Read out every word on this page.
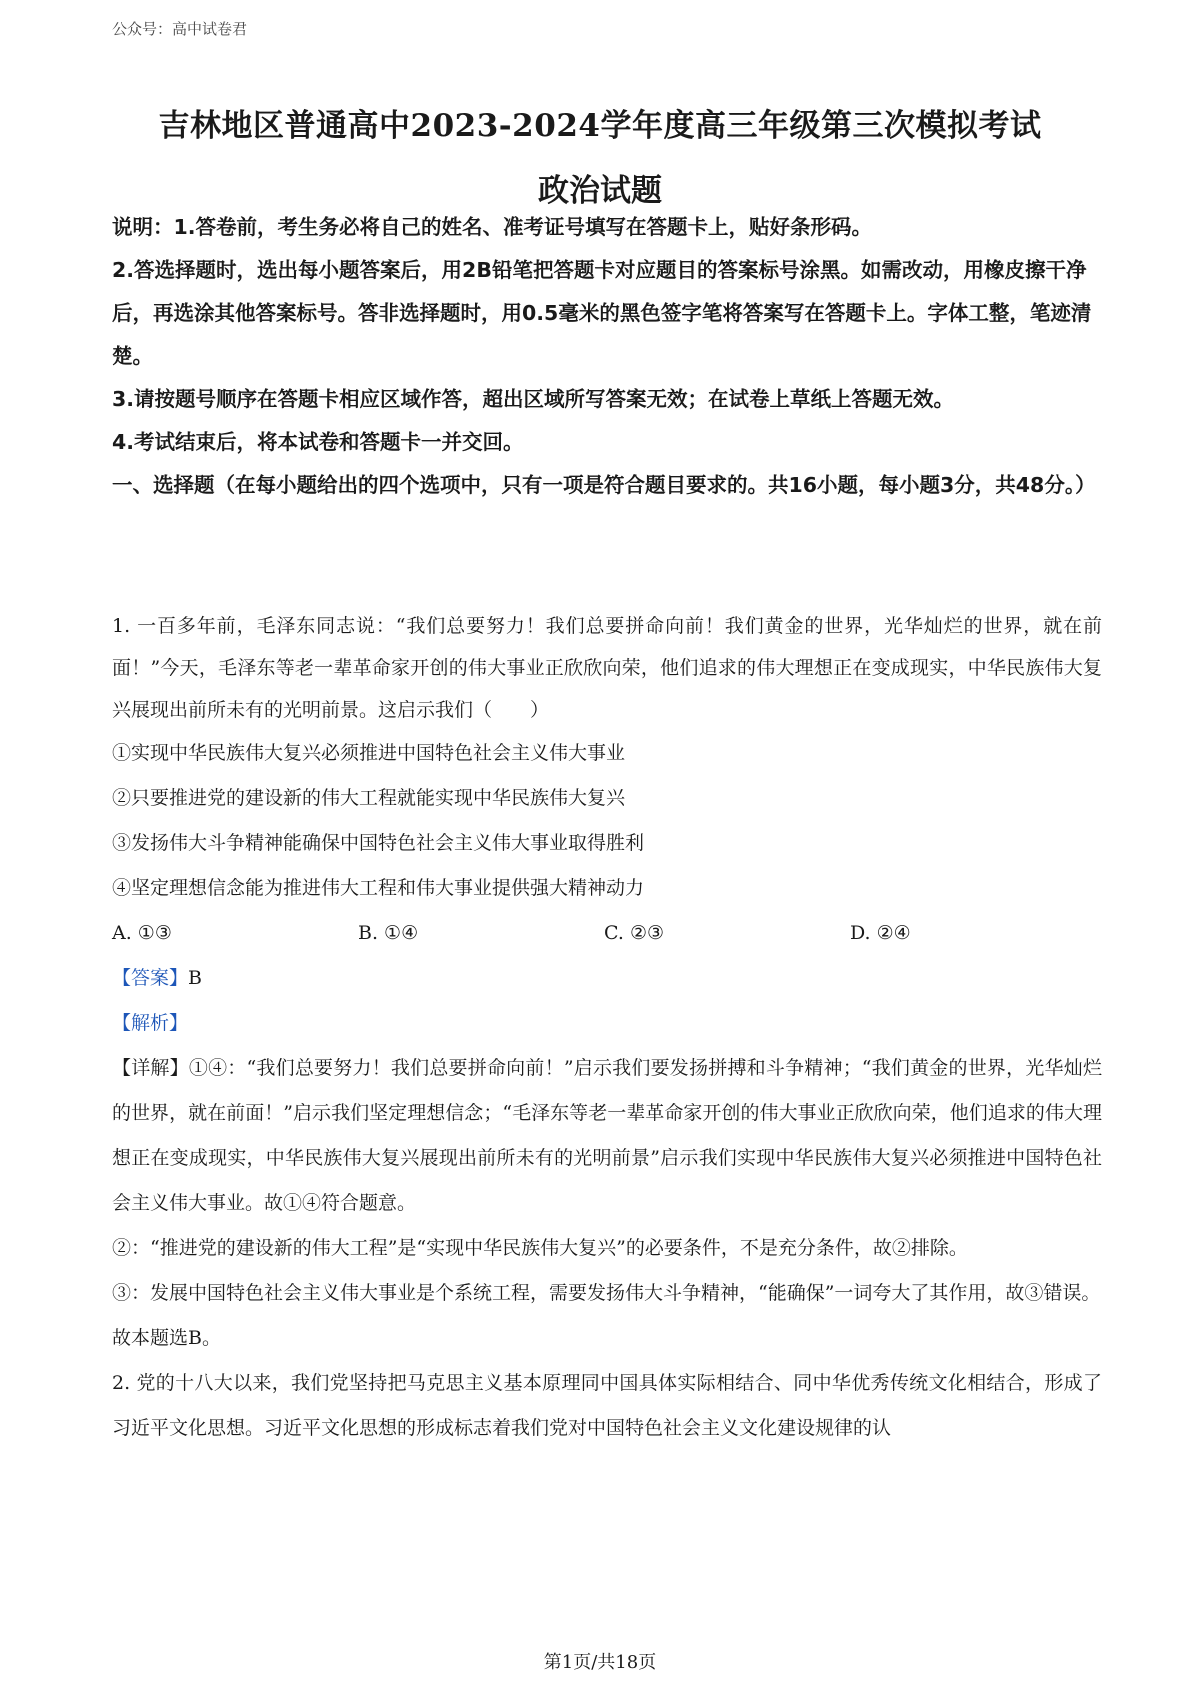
公众号：高中试卷君
吉林地区普通高中2023-2024学年度高三年级第三次模拟考试
政治试题

说明：1.答卷前，考生务必将自己的姓名、准考证号填写在答题卡上，贴好条形码。

2.答选择题时，选出每小题答案后，用2B铅笔把答题卡对应题目的答案标号涂黑。如需改动，用橡皮擦干净后，再选涂其他答案标号。答非选择题时，用0.5毫米的黑色签字笔将答案写在答题卡上。字体工整，笔迹清楚。

3.请按题号顺序在答题卡相应区域作答，超出区域所写答案无效；在试卷上草纸上答题无效。

4.考试结束后，将本试卷和答题卡一并交回。

一、选择题（在每小题给出的四个选项中，只有一项是符合题目要求的。共16小题，每小题3分，共48分。）

1. 一百多年前，毛泽东同志说：“我们总要努力！我们总要拼命向前！我们黄金的世界，光华灿烂的世界，就在前面！”今天，毛泽东等老一辈革命家开创的伟大事业正欣欣向荣，他们追求的伟大理想正在变成现实，中华民族伟大复兴展现出前所未有的光明前景。这启示我们（　　）

①实现中华民族伟大复兴必须推进中国特色社会主义伟大事业

②只要推进党的建设新的伟大工程就能实现中华民族伟大复兴

③发扬伟大斗争精神能确保中国特色社会主义伟大事业取得胜利

④坚定理想信念能为推进伟大工程和伟大事业提供强大精神动力

A. ①③	B. ①④	C. ②③	D. ②④

【答案】B

【解析】

【详解】①④：“我们总要努力！我们总要拼命向前！”启示我们要发扬拼搏和斗争精神；“我们黄金的世界，光华灿烂的世界，就在前面！”启示我们坚定理想信念；“毛泽东等老一辈革命家开创的伟大事业正欣欣向荣，他们追求的伟大理想正在变成现实，中华民族伟大复兴展现出前所未有的光明前景”启示我们实现中华民族伟大复兴必须推进中国特色社会主义伟大事业。故①④符合题意。

②：“推进党的建设新的伟大工程”是“实现中华民族伟大复兴”的必要条件，不是充分条件，故②排除。

③：发展中国特色社会主义伟大事业是个系统工程，需要发扬伟大斗争精神，“能确保”一词夸大了其作用，故③错误。

故本题选B。

2. 党的十八大以来，我们党坚持把马克思主义基本原理同中国具体实际相结合、同中华优秀传统文化相结合，形成了习近平文化思想。习近平文化思想的形成标志着我们党对中国特色社会主义文化建设规律的认

第1页/共18页
